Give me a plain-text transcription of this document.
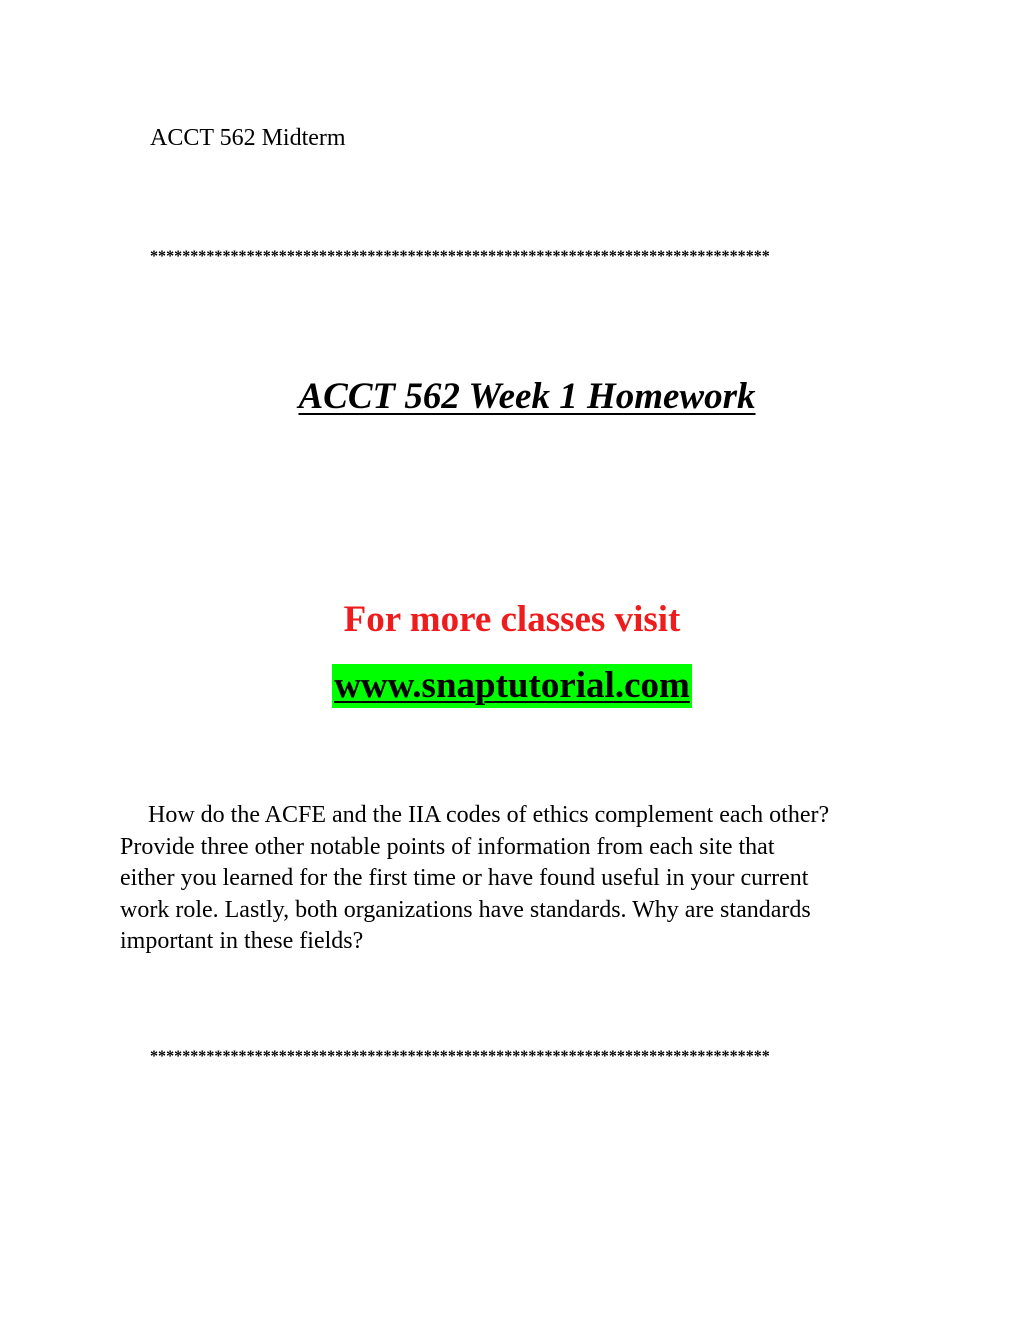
ACCT 562 Midterm
*****************************************************************************
ACCT 562 Week 1 Homework
For more classes visit
www.snaptutorial.com
How do the ACFE and the IIA codes of ethics complement each other?
Provide three other notable points of information from each site that
either you learned for the first time or have found useful in your current
work role. Lastly, both organizations have standards. Why are standards
important in these fields?
*****************************************************************************
